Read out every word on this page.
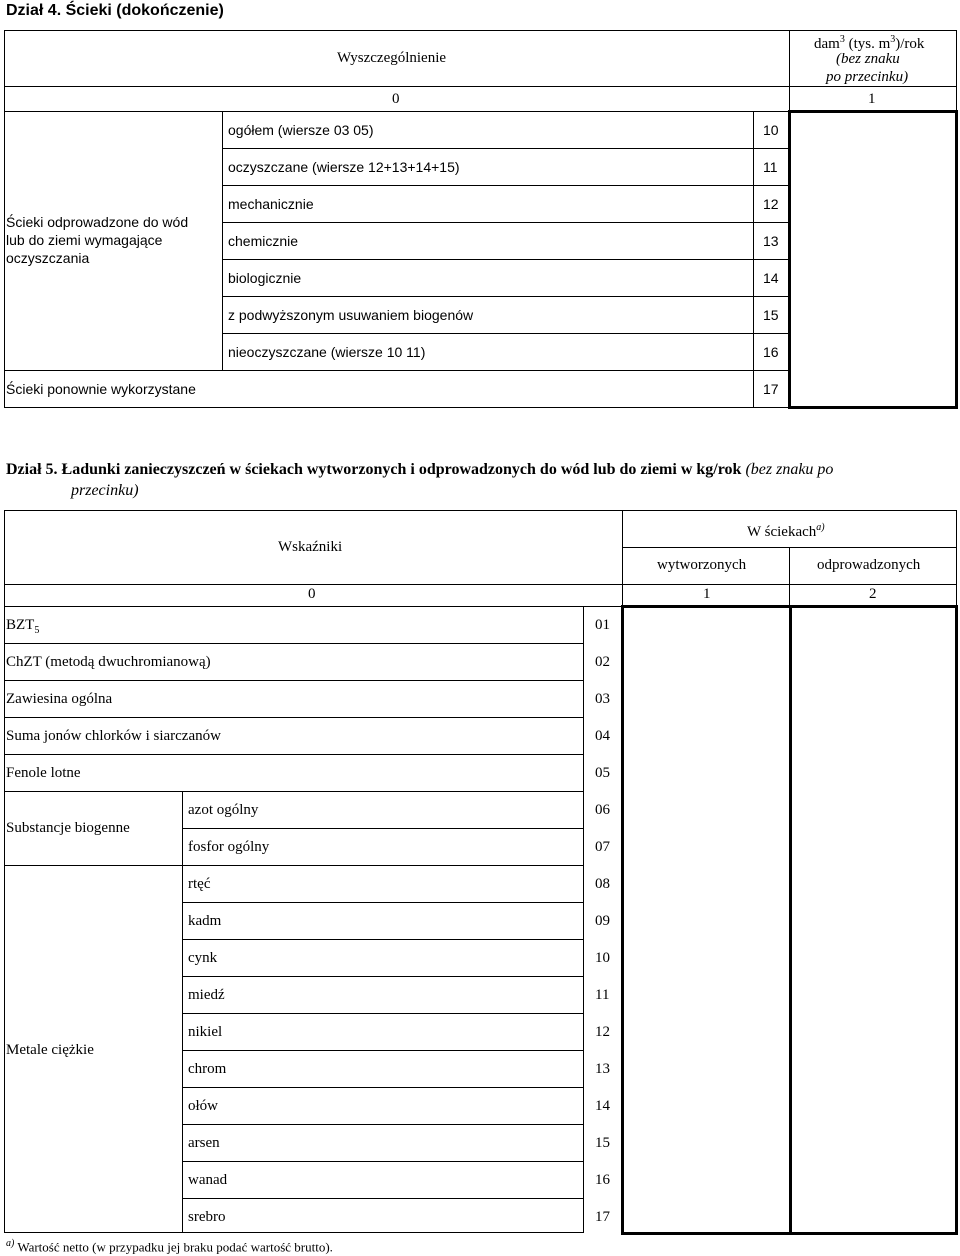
Dział 4. Ścieki (dokończenie)
Wyszczególnienie
dam$^3$ (tys. $m^3$)/rok
(bez znaku
po przecinku)
0	1
Ścieki odprowadzone do wód
lub do ziemi wymagające
oczyszczania
ogółem (wiersze 03 05)	10
oczyszczane (wiersze 12+13+14+15)	11
mechanicznie	12
chemicznie	13
biologicznie	14
z podwyższonym usuwaniem biogenów	15
nieoczyszczane (wiersze 10 11)	16
Ścieki ponownie wykorzystane	17
Dział 5. Ładunki zanieczyszczeń w ściekach wytworzonych i odprowadzonych do wód lub do ziemi w kg/rok (bez znaku po
przecinku)
Wskaźniki
W ściekach$^{a)}$
wytworzonych	odprowadzonych
0	1	2
Substancje biogenne
Metale ciężkie
$BZT_5$	01
ChZT (metodą dwuchromianową)	02
Zawiesina ogólna	03
Suma jonów chlorków i siarczanów	04
Fenole lotne	05
azot ogólny	06
fosfor ogólny	07
rtęć	08
kadm	09
cynk	10
miedź	11
nikiel	12
chrom	13
ołów	14
arsen	15
wanad	16
srebro	17
$^{a)}$ Wartość netto (w przypadku jej braku podać wartość brutto).
